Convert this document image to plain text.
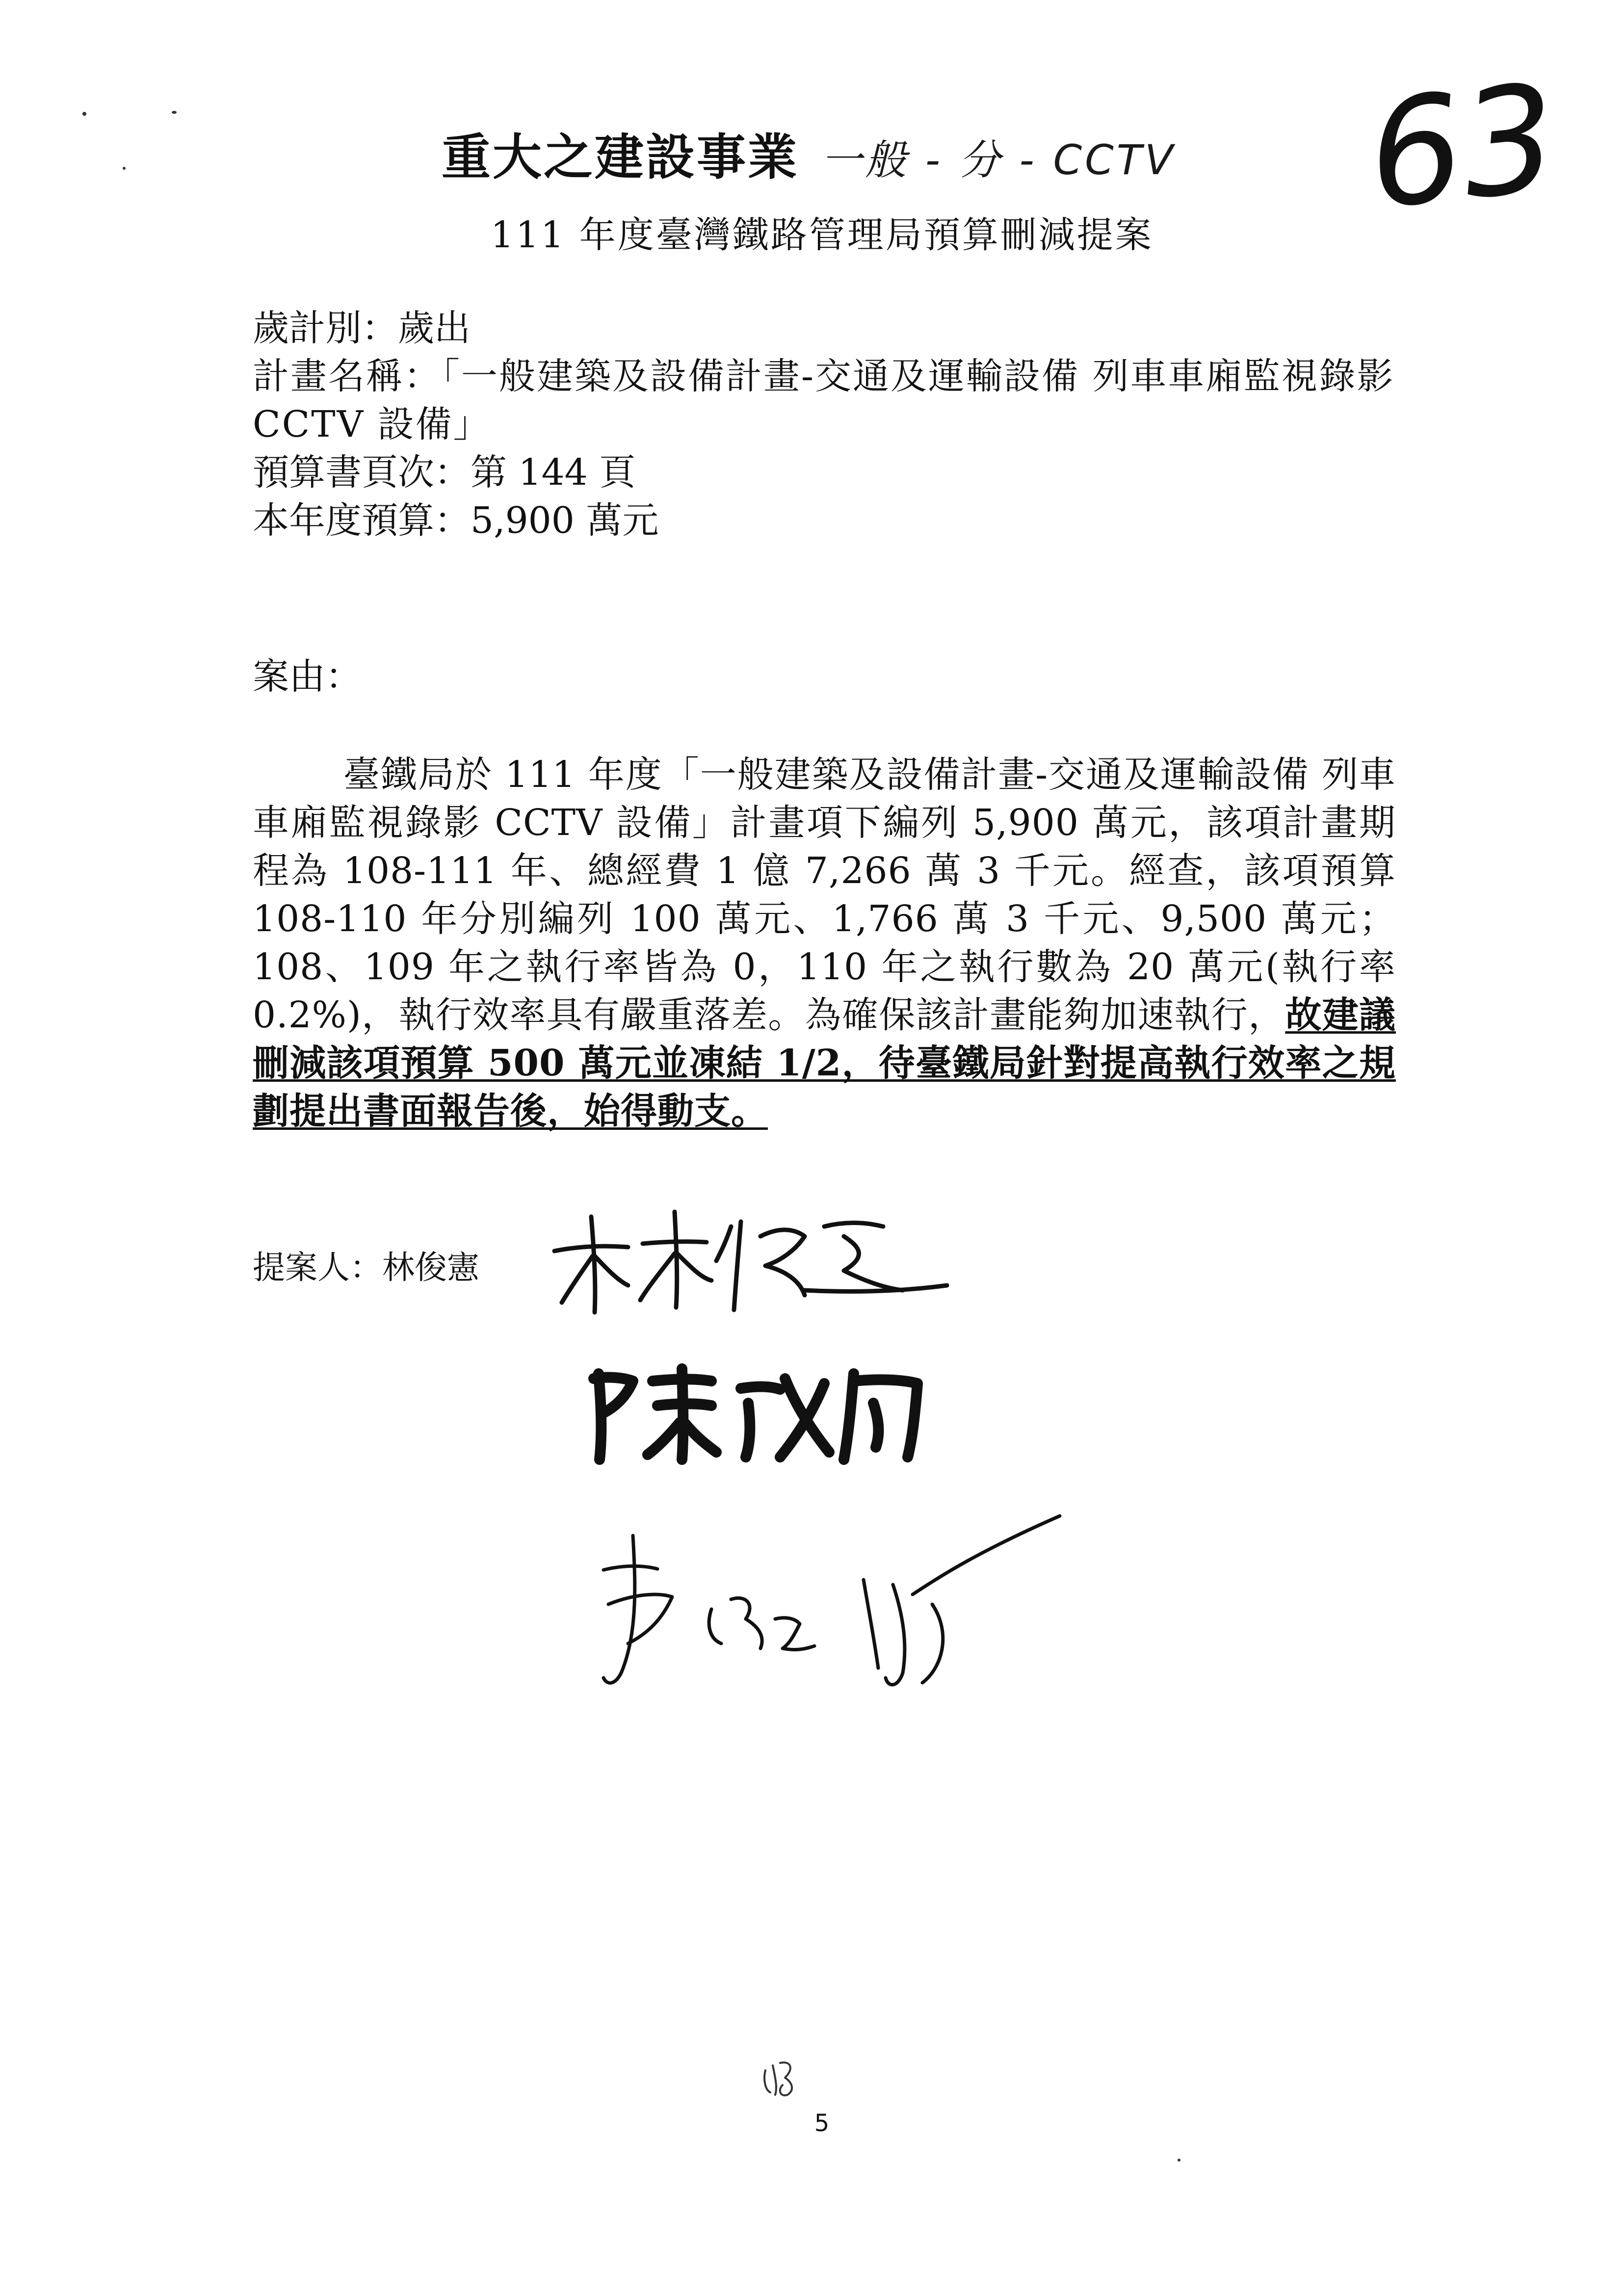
重大之建設事業 一般 - 分 - CCTV 63
111 年度臺灣鐵路管理局預算刪減提案
歲計別：歲出
計畫名稱：「一般建築及設備計畫-交通及運輸設備 列車車廂監視錄影 CCTV 設備」
預算書頁次：第 144 頁
本年度預算：5,900 萬元
案由：
臺鐵局於 111 年度「一般建築及設備計畫-交通及運輸設備 列車車廂監視錄影 CCTV 設備」計畫項下編列 5,900 萬元，該項計畫期程為 108-111 年、總經費 1 億 7,266 萬 3 千元。經查，該項預算 108-110 年分別編列 100 萬元、1,766 萬 3 千元、9,500 萬元；108、109 年之執行率皆為 0，110 年之執行數為 20 萬元(執行率 0.2%)，執行效率具有嚴重落差。為確保該計畫能夠加速執行，故建議刪減該項預算 500 萬元並凍結 1/2，待臺鐵局針對提高執行效率之規劃提出書面報告後，始得動支。
提案人：林俊憲
5
